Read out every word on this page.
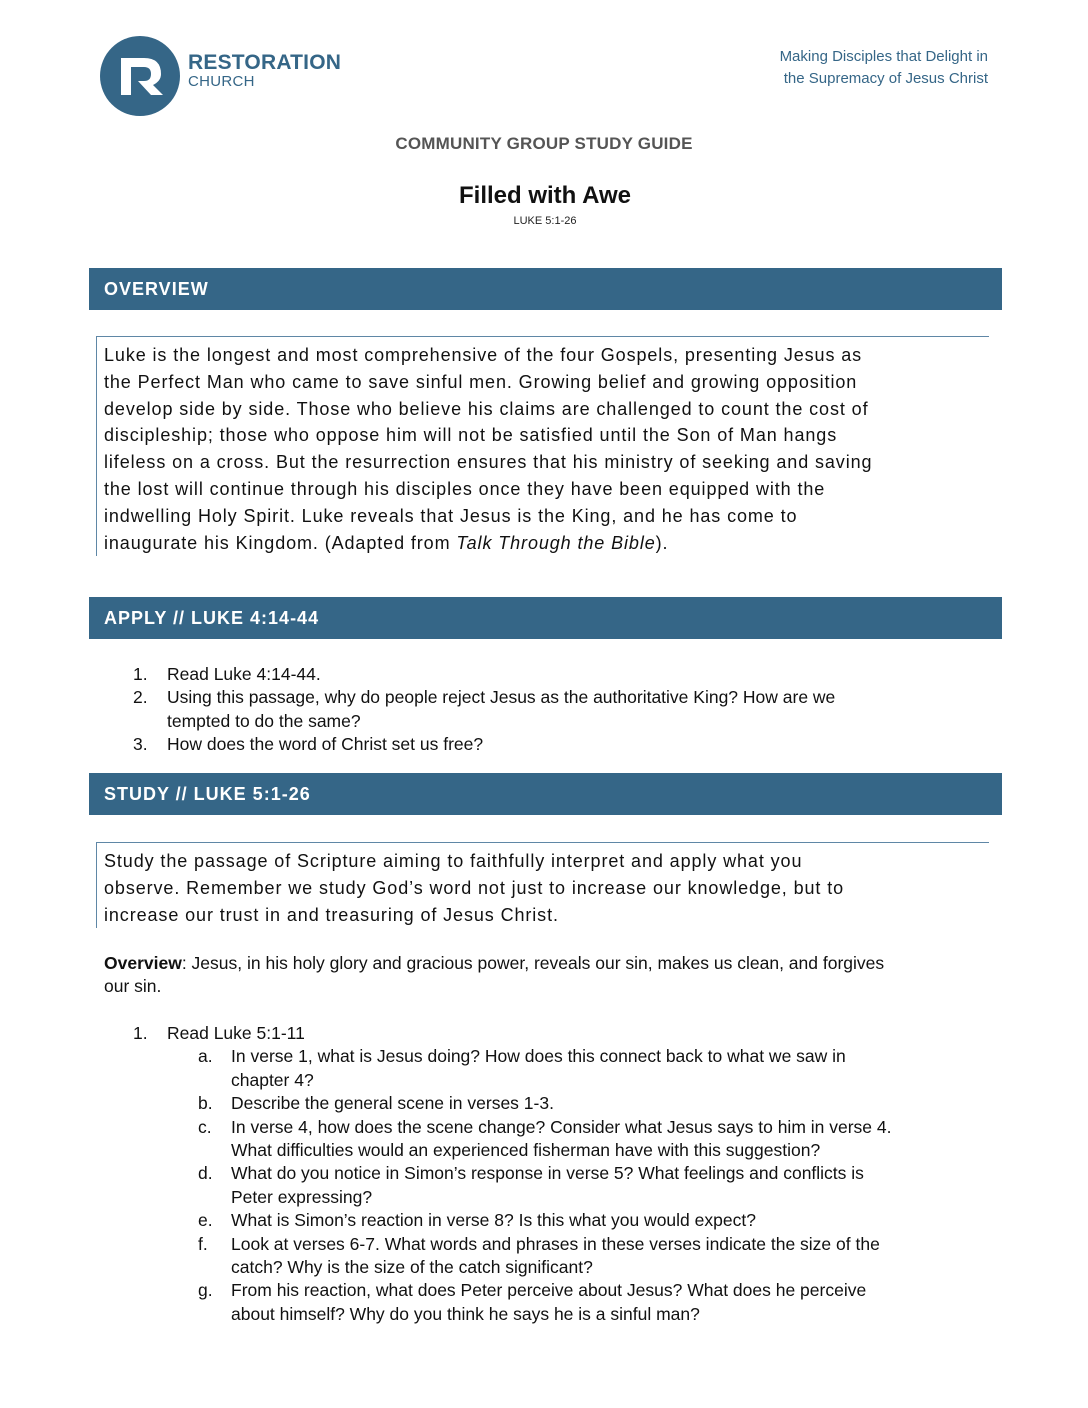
RESTORATION
CHURCH
Making Disciples that Delight in
the Supremacy of Jesus Christ
COMMUNITY GROUP STUDY GUIDE
Filled with Awe
LUKE 5:1-26
OVERVIEW
Luke is the longest and most comprehensive of the four Gospels, presenting Jesus as
the Perfect Man who came to save sinful men. Growing belief and growing opposition
develop side by side. Those who believe his claims are challenged to count the cost of
discipleship; those who oppose him will not be satisfied until the Son of Man hangs
lifeless on a cross. But the resurrection ensures that his ministry of seeking and saving
the lost will continue through his disciples once they have been equipped with the
indwelling Holy Spirit. Luke reveals that Jesus is the King, and he has come to
inaugurate his Kingdom. (Adapted from Talk Through the Bible).
APPLY // LUKE 4:14-44
1. Read Luke 4:14-44.
2. Using this passage, why do people reject Jesus as the authoritative King? How are we
tempted to do the same?
3. How does the word of Christ set us free?
STUDY // LUKE 5:1-26
Study the passage of Scripture aiming to faithfully interpret and apply what you
observe. Remember we study God’s word not just to increase our knowledge, but to
increase our trust in and treasuring of Jesus Christ.
Overview: Jesus, in his holy glory and gracious power, reveals our sin, makes us clean, and forgives
our sin.
1. Read Luke 5:1-11
a. In verse 1, what is Jesus doing? How does this connect back to what we saw in
chapter 4?
b. Describe the general scene in verses 1-3.
c. In verse 4, how does the scene change? Consider what Jesus says to him in verse 4.
What difficulties would an experienced fisherman have with this suggestion?
d. What do you notice in Simon’s response in verse 5? What feelings and conflicts is
Peter expressing?
e. What is Simon’s reaction in verse 8? Is this what you would expect?
f. Look at verses 6-7. What words and phrases in these verses indicate the size of the
catch? Why is the size of the catch significant?
g. From his reaction, what does Peter perceive about Jesus? What does he perceive
about himself? Why do you think he says he is a sinful man?
